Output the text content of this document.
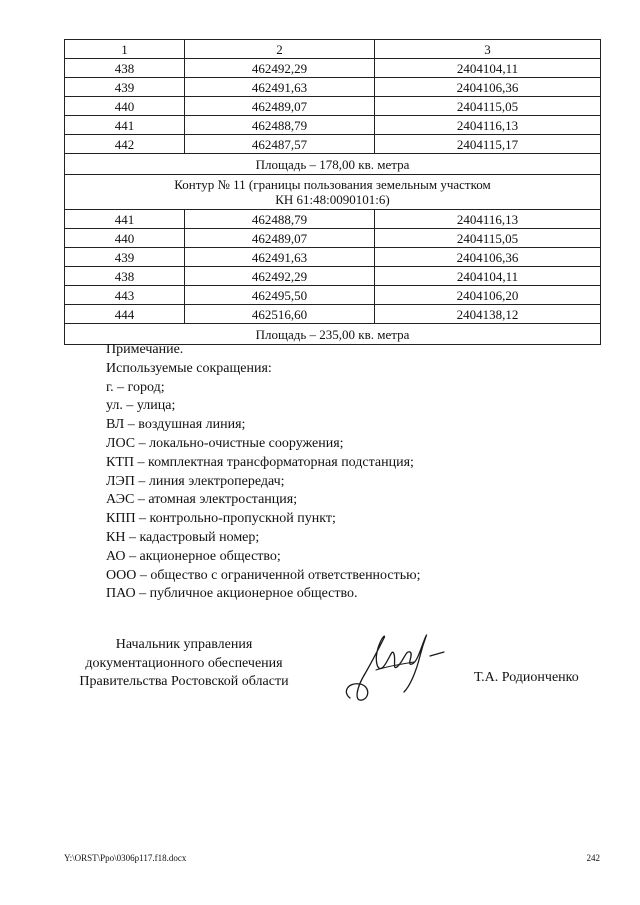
1	2	3
438	462492,29	2404104,11
439	462491,63	2404106,36
440	462489,07	2404115,05
441	462488,79	2404116,13
442	462487,57	2404115,17
Площадь – 178,00 кв. метра		

Контур № 11 (границы пользования земельным участком
КН 61:48:0090101:6)		

441	462488,79	2404116,13
440	462489,07	2404115,05
439	462491,63	2404106,36
438	462492,29	2404104,11
443	462495,50	2404106,20
444	462516,60	2404138,12
Площадь – 235,00 кв. метра		
Примечание.
Используемые сокращения:
г. – город;
ул. – улица;
ВЛ – воздушная линия;
ЛОС – локально-очистные сооружения;
КТП – комплектная трансформаторная подстанция;
ЛЭП – линия электропередач;
АЭС – атомная электростанция;
КПП – контрольно-пропускной пункт;
КН – кадастровый номер;
АО – акционерное общество;
ООО – общество с ограниченной ответственностью;
ПАО – публичное акционерное общество.
Начальник управления
документационного обеспечения
Правительства Ростовской области	Т.А. Родионченко
Y:\ORST\Ppo\0306p117.f18.docx	242
